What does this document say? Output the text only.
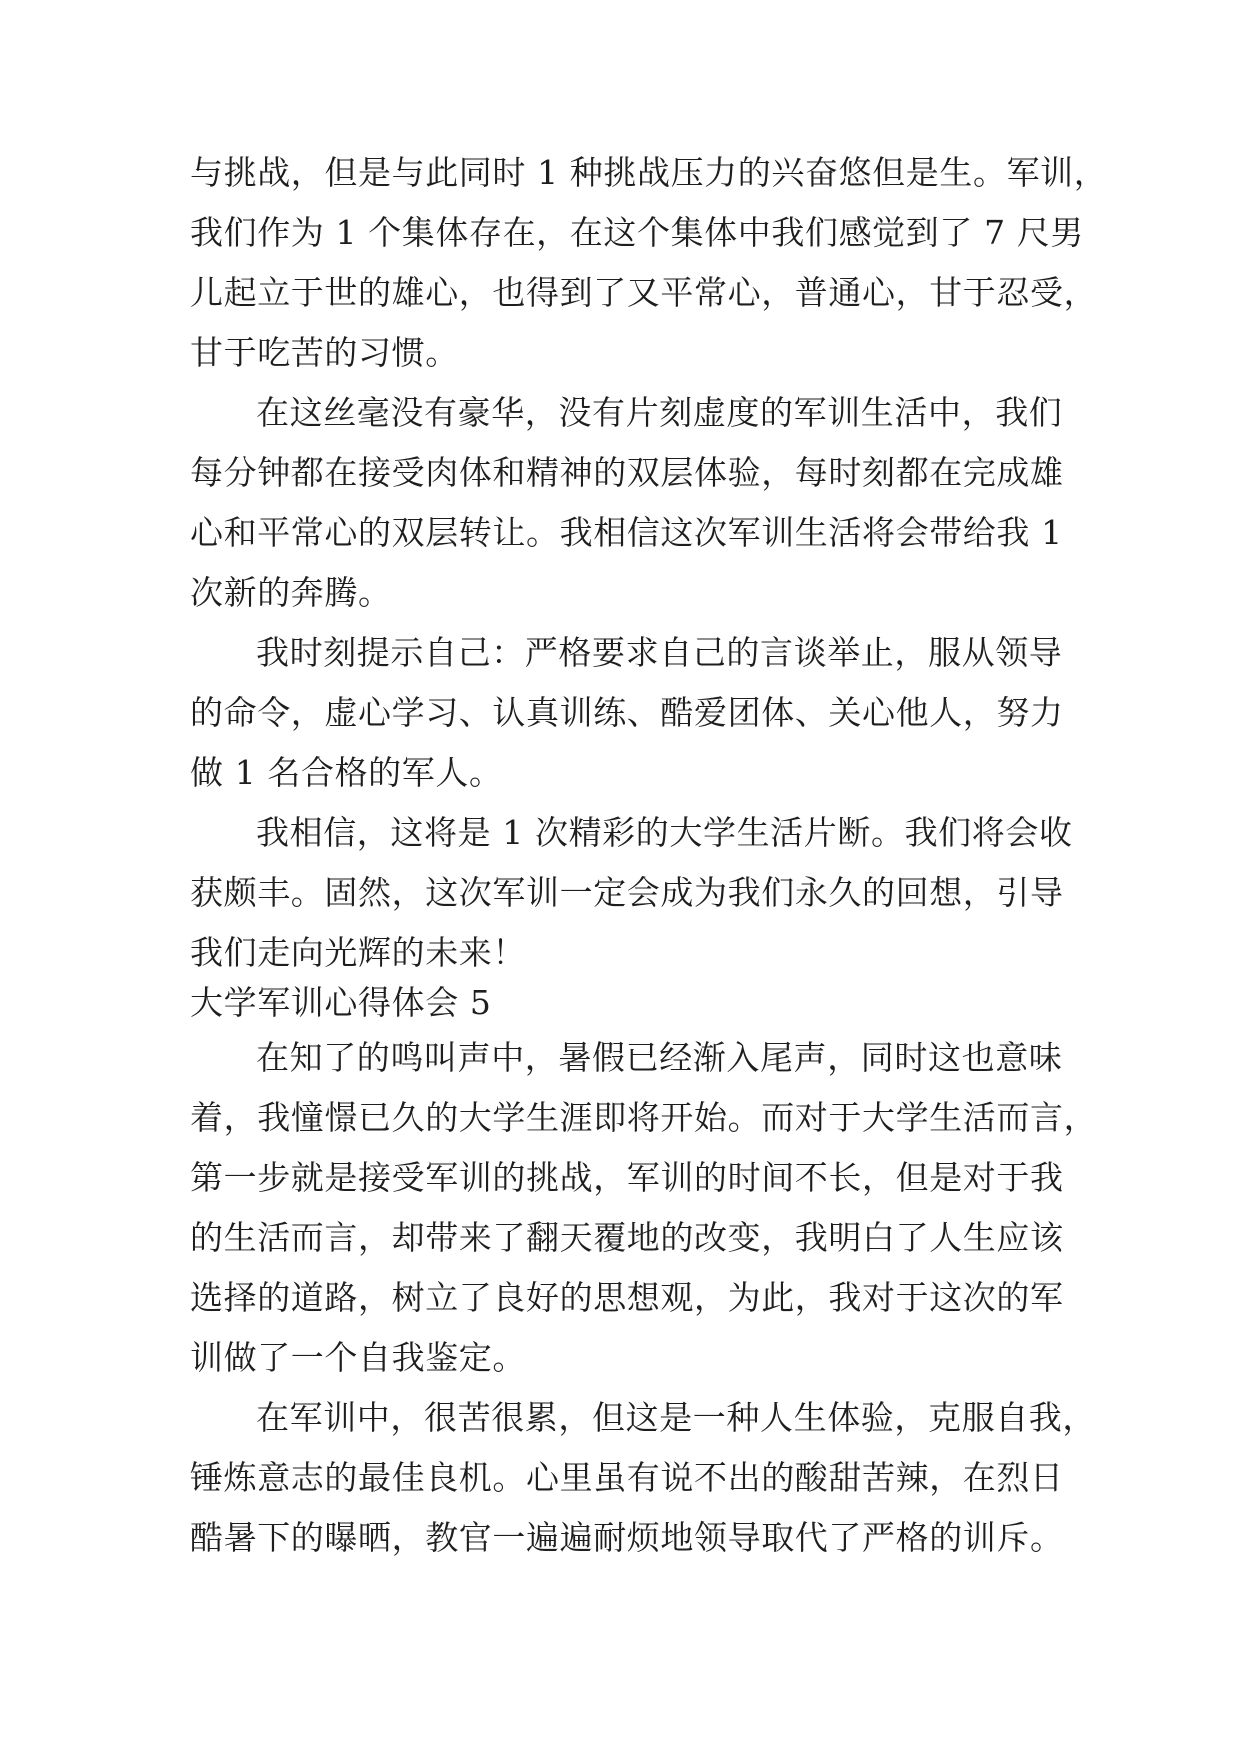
与挑战，但是与此同时 1 种挑战压力的兴奋悠但是生。军训，

我们作为 1 个集体存在，在这个集体中我们感觉到了 7 尺男

儿起立于世的雄心，也得到了又平常心，普通心，甘于忍受，

甘于吃苦的习惯。

在这丝毫没有豪华，没有片刻虚度的军训生活中，我们

每分钟都在接受肉体和精神的双层体验，每时刻都在完成雄

心和平常心的双层转让。我相信这次军训生活将会带给我 1

次新的奔腾。

我时刻提示自己：严格要求自己的言谈举止，服从领导

的命令，虚心学习、认真训练、酷爱团体、关心他人，努力

做 1 名合格的军人。

我相信，这将是 1 次精彩的大学生活片断。我们将会收

获颇丰。固然，这次军训一定会成为我们永久的回想，引导

我们走向光辉的未来！

大学军训心得体会 5

在知了的鸣叫声中，暑假已经渐入尾声，同时这也意味

着，我憧憬已久的大学生涯即将开始。而对于大学生活而言，

第一步就是接受军训的挑战，军训的时间不长，但是对于我

的生活而言，却带来了翻天覆地的改变，我明白了人生应该

选择的道路，树立了良好的思想观，为此，我对于这次的军

训做了一个自我鉴定。

在军训中，很苦很累，但这是一种人生体验，克服自我，

锤炼意志的最佳良机。心里虽有说不出的酸甜苦辣，在烈日

酷暑下的曝晒，教官一遍遍耐烦地领导取代了严格的训斥。
